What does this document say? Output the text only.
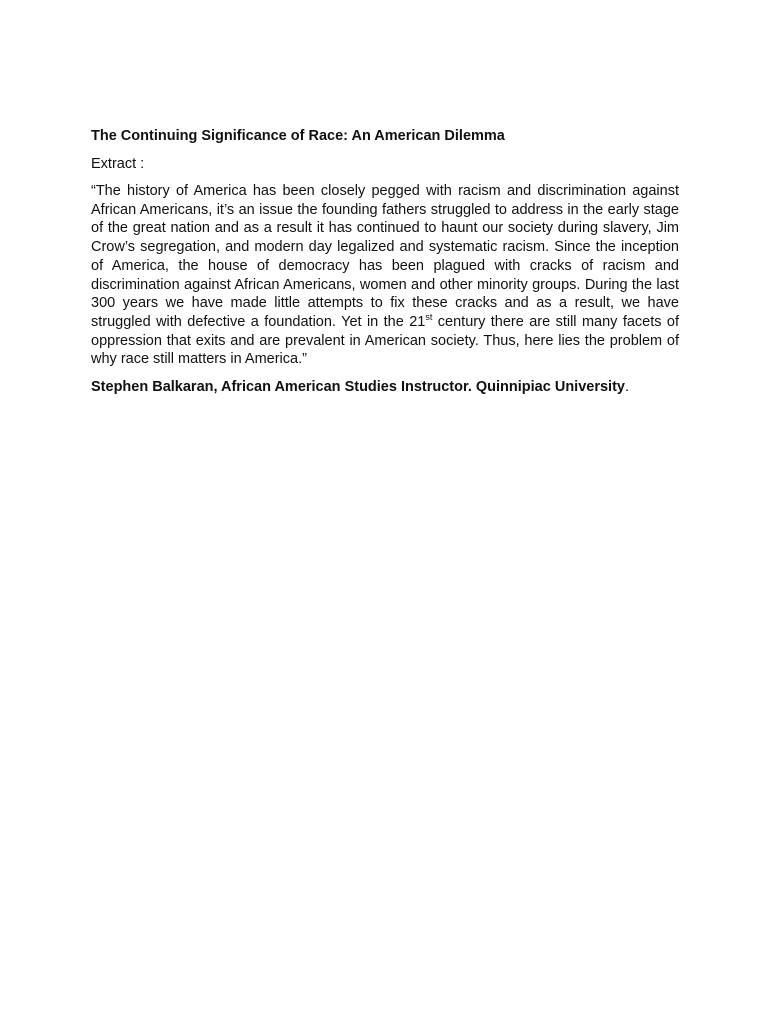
The Continuing Significance of Race: An American Dilemma

Extract :

“The history of America has been closely pegged with racism and discrimination against African Americans, it’s an issue the founding fathers struggled to address in the early stage of the great nation and as a result it has continued to haunt our society during slavery, Jim Crow’s segregation, and modern day legalized and systematic racism. Since the inception of America, the house of democracy has been plagued with cracks of racism and discrimination against African Americans, women and other minority groups. During the last 300 years we have made little attempts to fix these cracks and as a result, we have struggled with defective a foundation. Yet in the 21st century there are still many facets of oppression that exits and are prevalent in American society. Thus, here lies the problem of why race still matters in America.”

Stephen Balkaran, African American Studies Instructor. Quinnipiac University.
